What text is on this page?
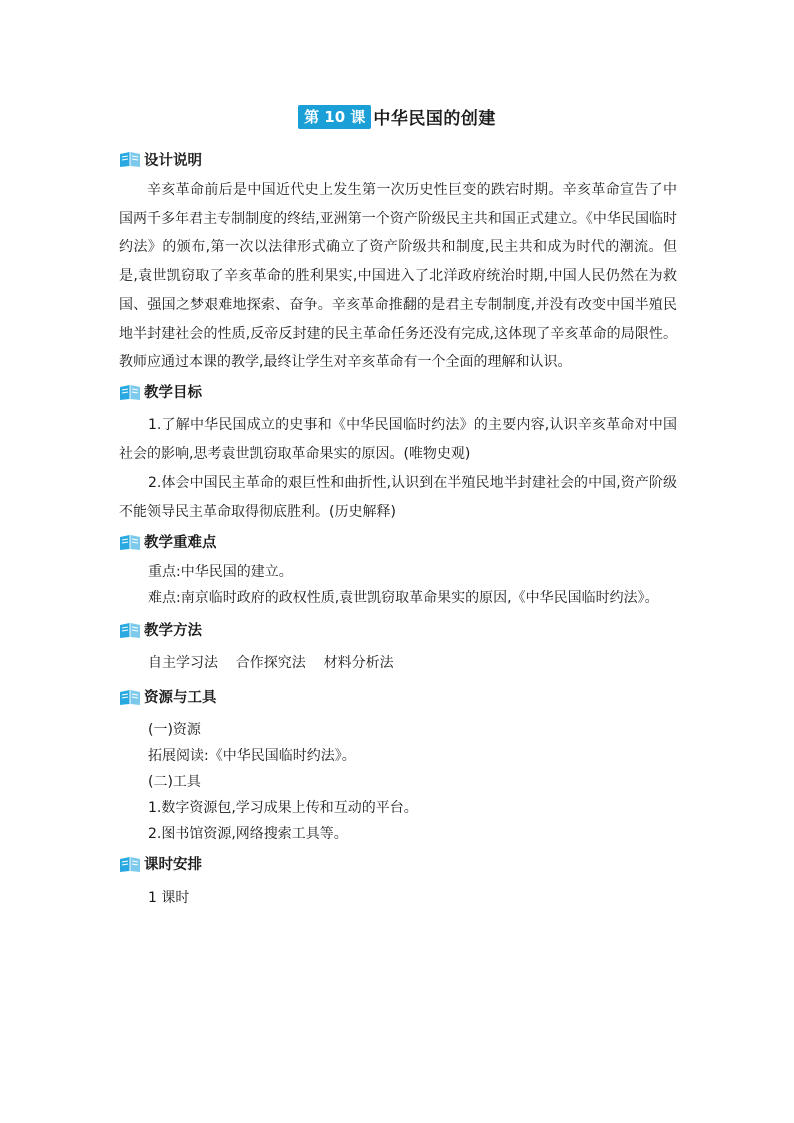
第 10 课 中华民国的创建
设计说明

辛亥革命前后是中国近代史上发生第一次历史性巨变的跌宕时期。辛亥革命宣告了中国两千多年君主专制制度的终结,亚洲第一个资产阶级民主共和国正式建立。《中华民国临时约法》的颁布,第一次以法律形式确立了资产阶级共和制度,民主共和成为时代的潮流。但是,袁世凯窃取了辛亥革命的胜利果实,中国进入了北洋政府统治时期,中国人民仍然在为救国、强国之梦艰难地探索、奋争。辛亥革命推翻的是君主专制制度,并没有改变中国半殖民地半封建社会的性质,反帝反封建的民主革命任务还没有完成,这体现了辛亥革命的局限性。教师应通过本课的教学,最终让学生对辛亥革命有一个全面的理解和认识。

教学目标

1.了解中华民国成立的史事和《中华民国临时约法》的主要内容,认识辛亥革命对中国社会的影响,思考袁世凯窃取革命果实的原因。(唯物史观)

2.体会中国民主革命的艰巨性和曲折性,认识到在半殖民地半封建社会的中国,资产阶级不能领导民主革命取得彻底胜利。(历史解释)

教学重难点

重点:中华民国的建立。

难点:南京临时政府的政权性质,袁世凯窃取革命果实的原因,《中华民国临时约法》。

教学方法

自主学习法    合作探究法    材料分析法

资源与工具

(一)资源

拓展阅读:《中华民国临时约法》。

(二)工具

1.数字资源包,学习成果上传和互动的平台。

2.图书馆资源,网络搜索工具等。

课时安排

1 课时
